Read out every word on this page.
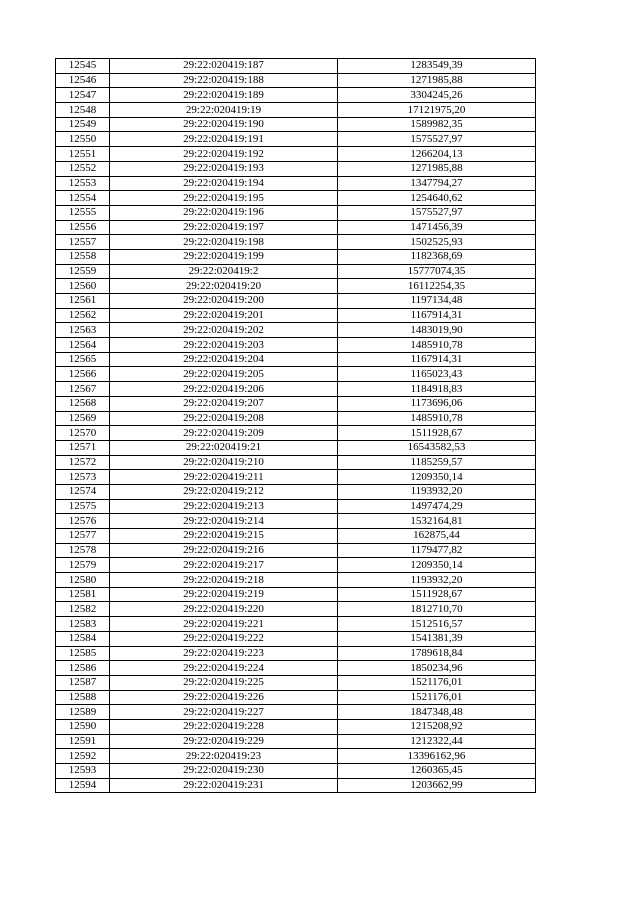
12545	29:22:020419:187	1283549,39
12546	29:22:020419:188	1271985,88
12547	29:22:020419:189	3304245,26
12548	29:22:020419:19	17121975,20
12549	29:22:020419:190	1589982,35
12550	29:22:020419:191	1575527,97
12551	29:22:020419:192	1266204,13
12552	29:22:020419:193	1271985,88
12553	29:22:020419:194	1347794,27
12554	29:22:020419:195	1254640,62
12555	29:22:020419:196	1575527,97
12556	29:22:020419:197	1471456,39
12557	29:22:020419:198	1502525,93
12558	29:22:020419:199	1182368,69
12559	29:22:020419:2	15777074,35
12560	29:22:020419:20	16112254,35
12561	29:22:020419:200	1197134,48
12562	29:22:020419:201	1167914,31
12563	29:22:020419:202	1483019,90
12564	29:22:020419:203	1485910,78
12565	29:22:020419:204	1167914,31
12566	29:22:020419:205	1165023,43
12567	29:22:020419:206	1184918,83
12568	29:22:020419:207	1173696,06
12569	29:22:020419:208	1485910,78
12570	29:22:020419:209	1511928,67
12571	29:22:020419:21	16543582,53
12572	29:22:020419:210	1185259,57
12573	29:22:020419:211	1209350,14
12574	29:22:020419:212	1193932,20
12575	29:22:020419:213	1497474,29
12576	29:22:020419:214	1532164,81
12577	29:22:020419:215	162875,44
12578	29:22:020419:216	1179477,82
12579	29:22:020419:217	1209350,14
12580	29:22:020419:218	1193932,20
12581	29:22:020419:219	1511928,67
12582	29:22:020419:220	1812710,70
12583	29:22:020419:221	1512516,57
12584	29:22:020419:222	1541381,39
12585	29:22:020419:223	1789618,84
12586	29:22:020419:224	1850234,96
12587	29:22:020419:225	1521176,01
12588	29:22:020419:226	1521176,01
12589	29:22:020419:227	1847348,48
12590	29:22:020419:228	1215208,92
12591	29:22:020419:229	1212322,44
12592	29:22:020419:23	13396162,96
12593	29:22:020419:230	1260365,45
12594	29:22:020419:231	1203662,99
